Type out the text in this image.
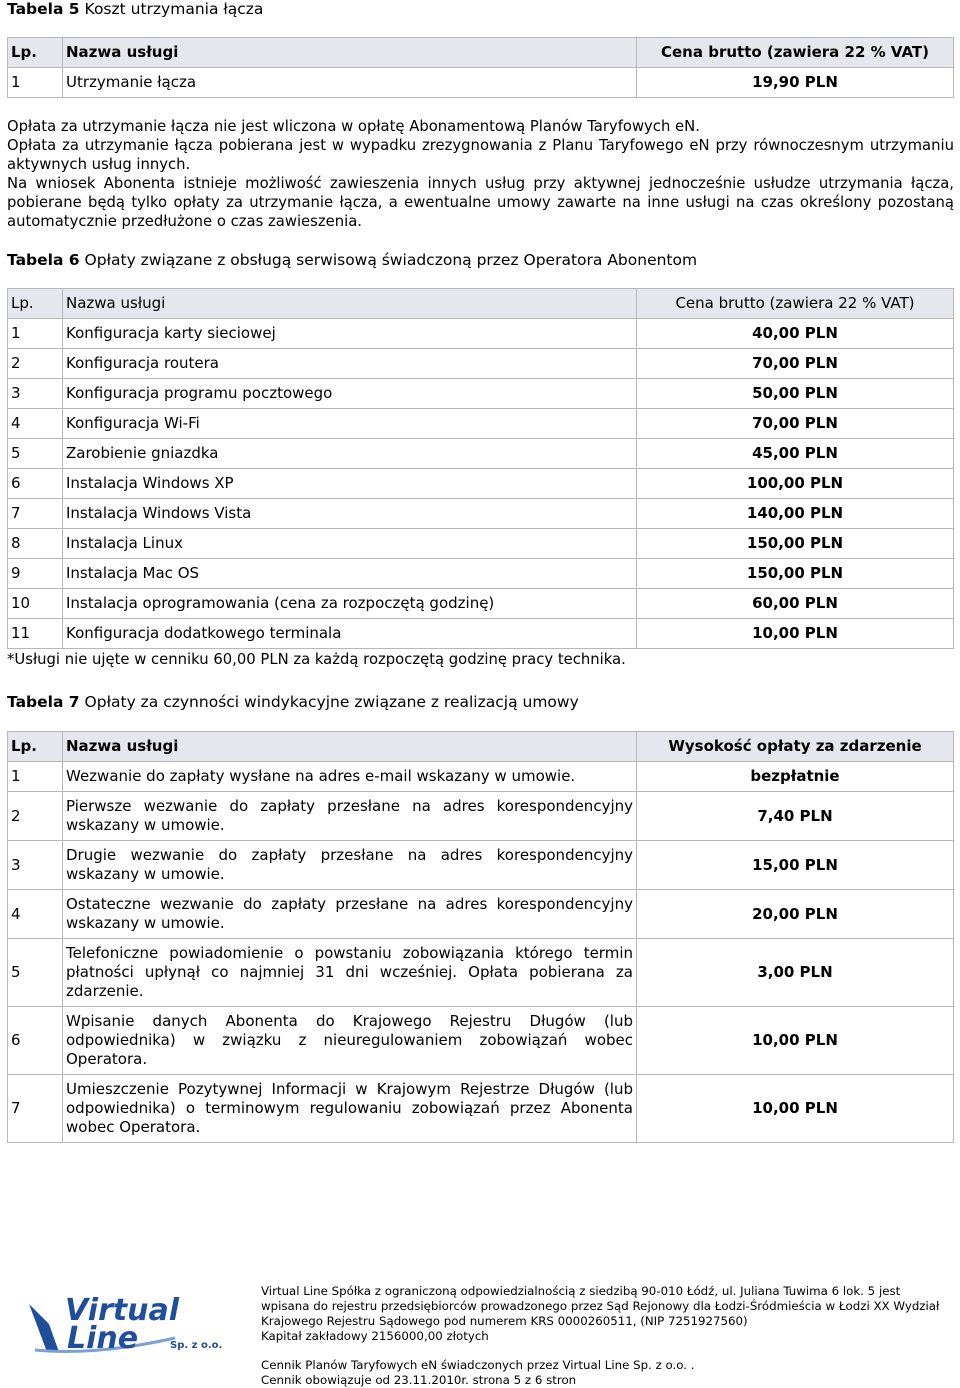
Tabela 5 Koszt utrzymania łącza
Lp.	Nazwa usługi	Cena brutto (zawiera 22 % VAT)
1	Utrzymanie łącza	19,90 PLN
Opłata za utrzymanie łącza nie jest wliczona w opłatę Abonamentową Planów Taryfowych eN.
Opłata za utrzymanie łącza pobierana jest w wypadku zrezygnowania z Planu Taryfowego eN przy równoczesnym utrzymaniu aktywnych usług innych.
Na wniosek Abonenta istnieje możliwość zawieszenia innych usług przy aktywnej jednocześnie usłudze utrzymania łącza, pobierane będą tylko opłaty za utrzymanie łącza, a ewentualne umowy zawarte na inne usługi na czas określony pozostaną automatycznie przedłużone o czas zawieszenia.
Tabela 6 Opłaty związane z obsługą serwisową świadczoną przez Operatora Abonentom
Lp.	Nazwa usługi	Cena brutto (zawiera 22 % VAT)
1	Konfiguracja karty sieciowej	40,00 PLN
2	Konfiguracja routera	70,00 PLN
3	Konfiguracja programu pocztowego	50,00 PLN
4	Konfiguracja Wi-Fi	70,00 PLN
5	Zarobienie gniazdka	45,00 PLN
6	Instalacja Windows XP	100,00 PLN
7	Instalacja Windows Vista	140,00 PLN
8	Instalacja Linux	150,00 PLN
9	Instalacja Mac OS	150,00 PLN
10	Instalacja oprogramowania (cena za rozpoczętą godzinę)	60,00 PLN
11	Konfiguracja dodatkowego terminala	10,00 PLN
*Usługi nie ujęte w cenniku 60,00 PLN za każdą rozpoczętą godzinę pracy technika.
Tabela 7 Opłaty za czynności windykacyjne związane z realizacją umowy
Lp.	Nazwa usługi	Wysokość opłaty za zdarzenie
1	Wezwanie do zapłaty wysłane na adres e-mail wskazany w umowie.	bezpłatnie
2	Pierwsze wezwanie do zapłaty przesłane na adres korespondencyjny wskazany w umowie.	7,40 PLN
3	Drugie wezwanie do zapłaty przesłane na adres korespondencyjny wskazany w umowie.	15,00 PLN
4	Ostateczne wezwanie do zapłaty przesłane na adres korespondencyjny wskazany w umowie.	20,00 PLN
5	Telefoniczne powiadomienie o powstaniu zobowiązania którego termin płatności upłynął co najmniej 31 dni wcześniej. Opłata pobierana za zdarzenie.	3,00 PLN
6	Wpisanie danych Abonenta do Krajowego Rejestru Długów (lub odpowiednika) w związku z nieuregulowaniem zobowiązań wobec Operatora.	10,00 PLN
7	Umieszczenie Pozytywnej Informacji w Krajowym Rejestrze Długów (lub odpowiednika) o terminowym regulowaniu zobowiązań przez Abonenta wobec Operatora.	10,00 PLN
Virtual
Line	Sp. z o.o.
Virtual Line Spółka z ograniczoną odpowiedzialnością z siedzibą 90-010 Łódź, ul. Juliana Tuwima 6 lok. 5 jest
wpisana do rejestru przedsiębiorców prowadzonego przez Sąd Rejonowy dla Łodzi-Śródmieścia w Łodzi XX Wydział
Krajowego Rejestru Sądowego pod numerem KRS 0000260511, (NIP 7251927560)
Kapitał zakładowy 2156000,00 złotych
Cennik Planów Taryfowych eN świadczonych przez Virtual Line Sp. z o.o. .
Cennik obowiązuje od 23.11.2010r. strona 5 z 6 stron
